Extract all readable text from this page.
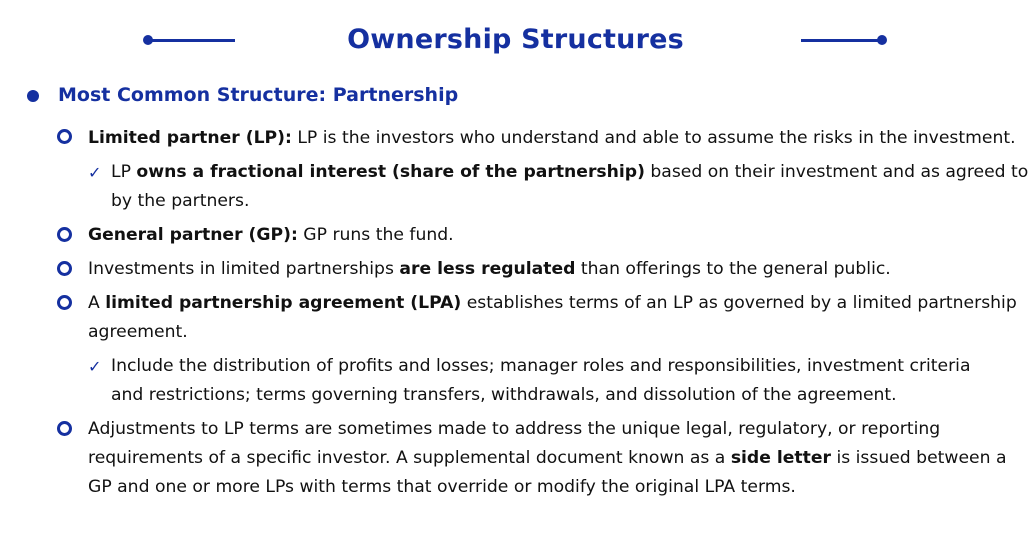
Ownership Structures
Most Common Structure: Partnership
Limited partner (LP): LP is the investors who understand and able to assume the risks in the investment.
✓ LP owns a fractional interest (share of the partnership) based on their investment and as agreed to
by the partners.
General partner (GP): GP runs the fund.
Investments in limited partnerships are less regulated than offerings to the general public.
A limited partnership agreement (LPA) establishes terms of an LP as governed by a limited partnership
agreement.
✓ Include the distribution of profits and losses; manager roles and responsibilities, investment criteria
and restrictions; terms governing transfers, withdrawals, and dissolution of the agreement.
Adjustments to LP terms are sometimes made to address the unique legal, regulatory, or reporting
requirements of a specific investor. A supplemental document known as a side letter is issued between a
GP and one or more LPs with terms that override or modify the original LPA terms.
